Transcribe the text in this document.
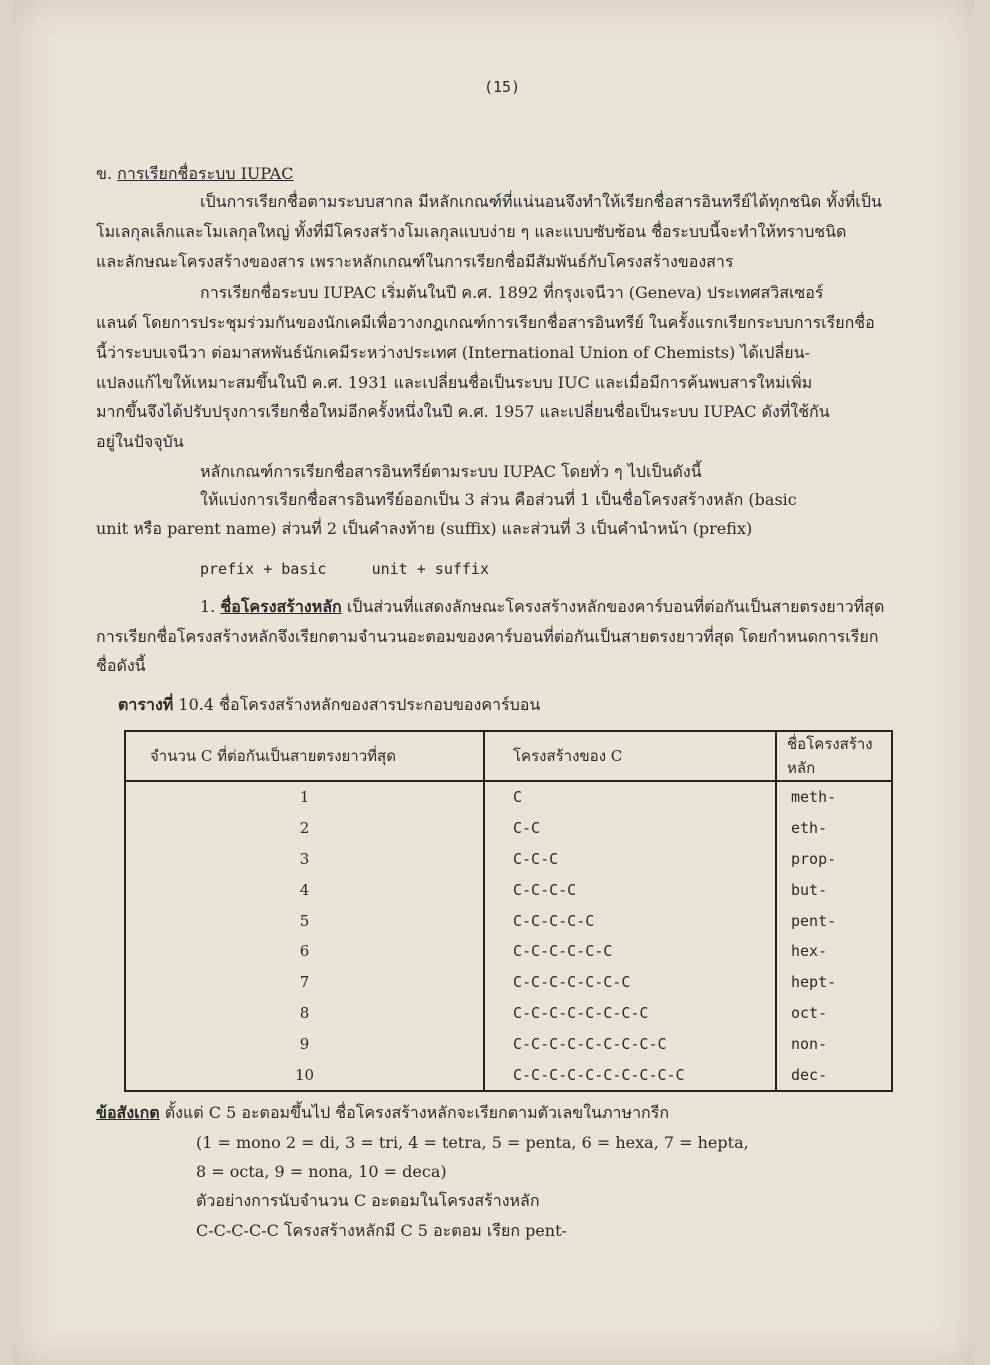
(15)
ข. การเรียกชื่อระบบ IUPAC
เป็นการเรียกชื่อตามระบบสากล มีหลักเกณฑ์ที่แน่นอนจึงทำให้เรียกชื่อสารอินทรีย์ได้ทุกชนิด ทั้งที่เป็น
โมเลกุลเล็กและโมเลกุลใหญ่ ทั้งที่มีโครงสร้างโมเลกุลแบบง่าย ๆ และแบบซับซ้อน ชื่อระบบนี้จะทำให้ทราบชนิด
และลักษณะโครงสร้างของสาร เพราะหลักเกณฑ์ในการเรียกชื่อมีสัมพันธ์กับโครงสร้างของสาร
การเรียกชื่อระบบ IUPAC เริ่มต้นในปี ค.ศ. 1892 ที่กรุงเจนีวา (Geneva) ประเทศสวิสเซอร์
แลนด์ โดยการประชุมร่วมกันของนักเคมีเพื่อวางกฎเกณฑ์การเรียกชื่อสารอินทรีย์ ในครั้งแรกเรียกระบบการเรียกชื่อ
นี้ว่าระบบเจนีวา ต่อมาสหพันธ์นักเคมีระหว่างประเทศ (International Union of Chemists) ได้เปลี่ยน-
แปลงแก้ไขให้เหมาะสมขึ้นในปี ค.ศ. 1931 และเปลี่ยนชื่อเป็นระบบ IUC และเมื่อมีการค้นพบสารใหม่เพิ่ม
มากขึ้นจึงได้ปรับปรุงการเรียกชื่อใหม่อีกครั้งหนึ่งในปี ค.ศ. 1957 และเปลี่ยนชื่อเป็นระบบ IUPAC ดังที่ใช้กัน
อยู่ในปัจจุบัน
หลักเกณฑ์การเรียกชื่อสารอินทรีย์ตามระบบ IUPAC โดยทั่ว ๆ ไปเป็นดังนี้
ให้แบ่งการเรียกชื่อสารอินทรีย์ออกเป็น 3 ส่วน คือส่วนที่ 1 เป็นชื่อโครงสร้างหลัก (basic
unit หรือ parent name) ส่วนที่ 2 เป็นคำลงท้าย (suffix) และส่วนที่ 3 เป็นคำนำหน้า (prefix)
prefix + basic	unit + suffix
1. ชื่อโครงสร้างหลัก เป็นส่วนที่แสดงลักษณะโครงสร้างหลักของคาร์บอนที่ต่อกันเป็นสายตรงยาวที่สุด
การเรียกชื่อโครงสร้างหลักจึงเรียกตามจำนวนอะตอมของคาร์บอนที่ต่อกันเป็นสายตรงยาวที่สุด โดยกำหนดการเรียก
ชื่อดังนี้
ตารางที่ 10.4 ชื่อโครงสร้างหลักของสารประกอบของคาร์บอน
จำนวน C ที่ต่อกันเป็นสายตรงยาวที่สุด	โครงสร้างของ C	ชื่อโครงสร้างหลัก
1	C	meth-
2	C-C	eth-
3	C-C-C	prop-
4	C-C-C-C	but-
5	C-C-C-C-C	pent-
6	C-C-C-C-C-C	hex-
7	C-C-C-C-C-C-C	hept-
8	C-C-C-C-C-C-C-C	oct-
9	C-C-C-C-C-C-C-C-C	non-
10	C-C-C-C-C-C-C-C-C-C	dec-
ข้อสังเกต ตั้งแต่ C 5 อะตอมขึ้นไป ชื่อโครงสร้างหลักจะเรียกตามตัวเลขในภาษากรีก
(1 = mono 2 = di, 3 = tri, 4 = tetra, 5 = penta, 6 = hexa, 7 = hepta,
8 = octa, 9 = nona, 10 = deca)
ตัวอย่างการนับจำนวน C อะตอมในโครงสร้างหลัก
C-C-C-C-C โครงสร้างหลักมี C 5 อะตอม เรียก pent-
